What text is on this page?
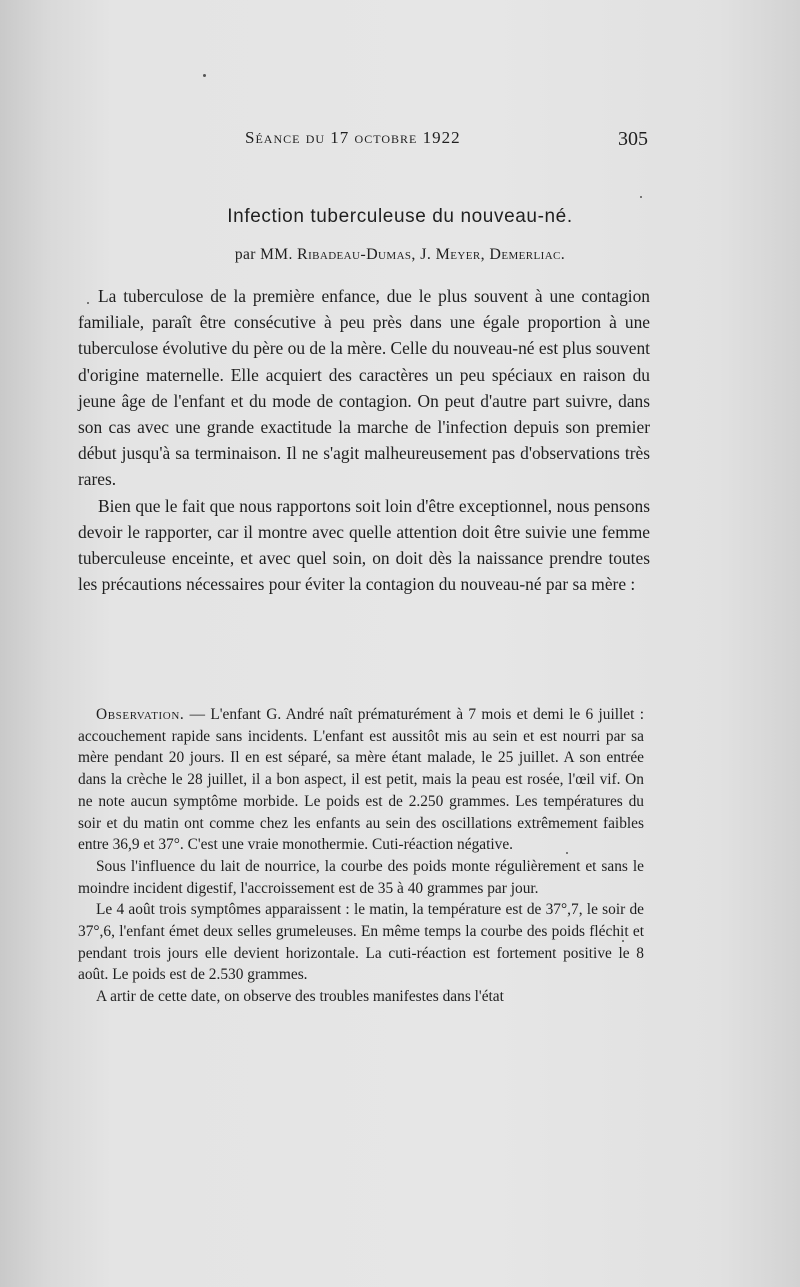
Séance du 17 octobre 1922	305
Infection tuberculeuse du nouveau-né.
par MM. Ribadeau-Dumas, J. Meyer, Demerliac.

La tuberculose de la première enfance, due le plus souvent à une contagion familiale, paraît être consécutive à peu près dans une égale proportion à une tuberculose évolutive du père ou de la mère. Celle du nouveau-né est plus souvent d'origine maternelle. Elle acquiert des caractères un peu spéciaux en raison du jeune âge de l'enfant et du mode de contagion. On peut d'autre part suivre, dans son cas avec une grande exactitude la marche de l'infection depuis son premier début jusqu'à sa terminaison. Il ne s'agit malheureusement pas d'observations très rares.

Bien que le fait que nous rapportons soit loin d'être exceptionnel, nous pensons devoir le rapporter, car il montre avec quelle attention doit être suivie une femme tuberculeuse enceinte, et avec quel soin, on doit dès la naissance prendre toutes les précautions nécessaires pour éviter la contagion du nouveau-né par sa mère :

Observation. — L'enfant G. André naît prématurément à 7 mois et demi le 6 juillet : accouchement rapide sans incidents. L'enfant est aussitôt mis au sein et est nourri par sa mère pendant 20 jours. Il en est séparé, sa mère étant malade, le 25 juillet. A son entrée dans la crèche le 28 juillet, il a bon aspect, il est petit, mais la peau est rosée, l'œil vif. On ne note aucun symptôme morbide. Le poids est de 2.250 grammes. Les températures du soir et du matin ont comme chez les enfants au sein des oscillations extrêmement faibles entre 36,9 et 37°. C'est une vraie monothermie. Cuti-réaction négative.

Sous l'influence du lait de nourrice, la courbe des poids monte régulièrement et sans le moindre incident digestif, l'accroissement est de 35 à 40 grammes par jour.

Le 4 août trois symptômes apparaissent : le matin, la température est de 37°,7, le soir de 37°,6, l'enfant émet deux selles grumeleuses. En même temps la courbe des poids fléchit et pendant trois jours elle devient horizontale. La cuti-réaction est fortement positive le 8 août. Le poids est de 2.530 grammes.

A artir de cette date, on observe des troubles manifestes dans l'état
